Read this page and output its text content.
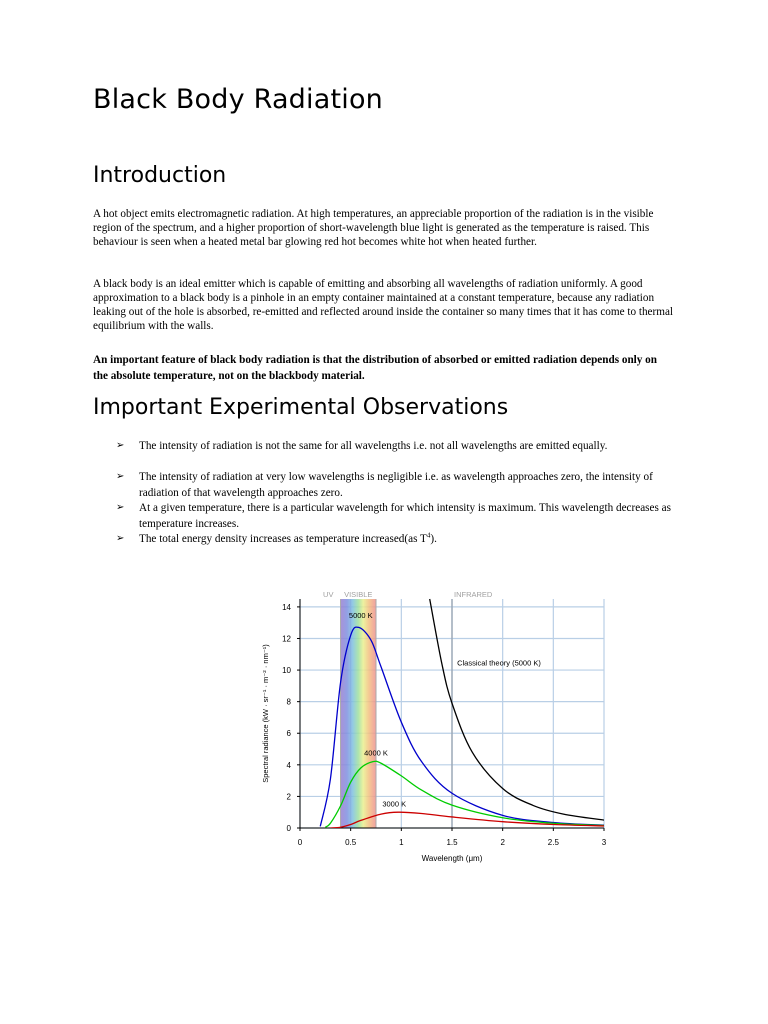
Black Body Radiation
Introduction

A hot object emits electromagnetic radiation. At high temperatures, an appreciable proportion of the radiation is in the visible region of the spectrum, and a higher proportion of short-wavelength blue light is generated as the temperature is raised. This behaviour is seen when a heated metal bar glowing red hot becomes white hot when heated further.

A black body is an ideal emitter which is capable of emitting and absorbing all wavelengths of radiation uniformly. A good approximation to a black body is a pinhole in an empty container maintained at a constant temperature, because any radiation leaking out of the hole is absorbed, re-emitted and reflected around inside the container so many times that it has come to thermal equilibrium with the walls.

An important feature of black body radiation is that the distribution of absorbed or emitted radiation depends only on the absolute temperature, not on the blackbody material.

Important Experimental Observations
➢ The intensity of radiation is not the same for all wavelengths i.e. not all wavelengths are emitted equally.
➢ The intensity of radiation at very low wavelengths is negligible i.e. as wavelength approaches zero, the intensity of radiation of that wavelength approaches zero.
➢ At a given temperature, there is a particular wavelength for which intensity is maximum. This wavelength decreases as temperature increases.
➢ The total energy density increases as temperature increased(as $T^4$).
0
2
4
6
8
10
12
14
0	0.5	1	1.5	2	2.5	3
Wavelength (μm)
Spectral radiance (kW · sr⁻¹ · m⁻² · nm⁻¹)
UV VISIBLE	INFRARED
5000 K
4000 K
3000 K
Classical theory (5000 K)
